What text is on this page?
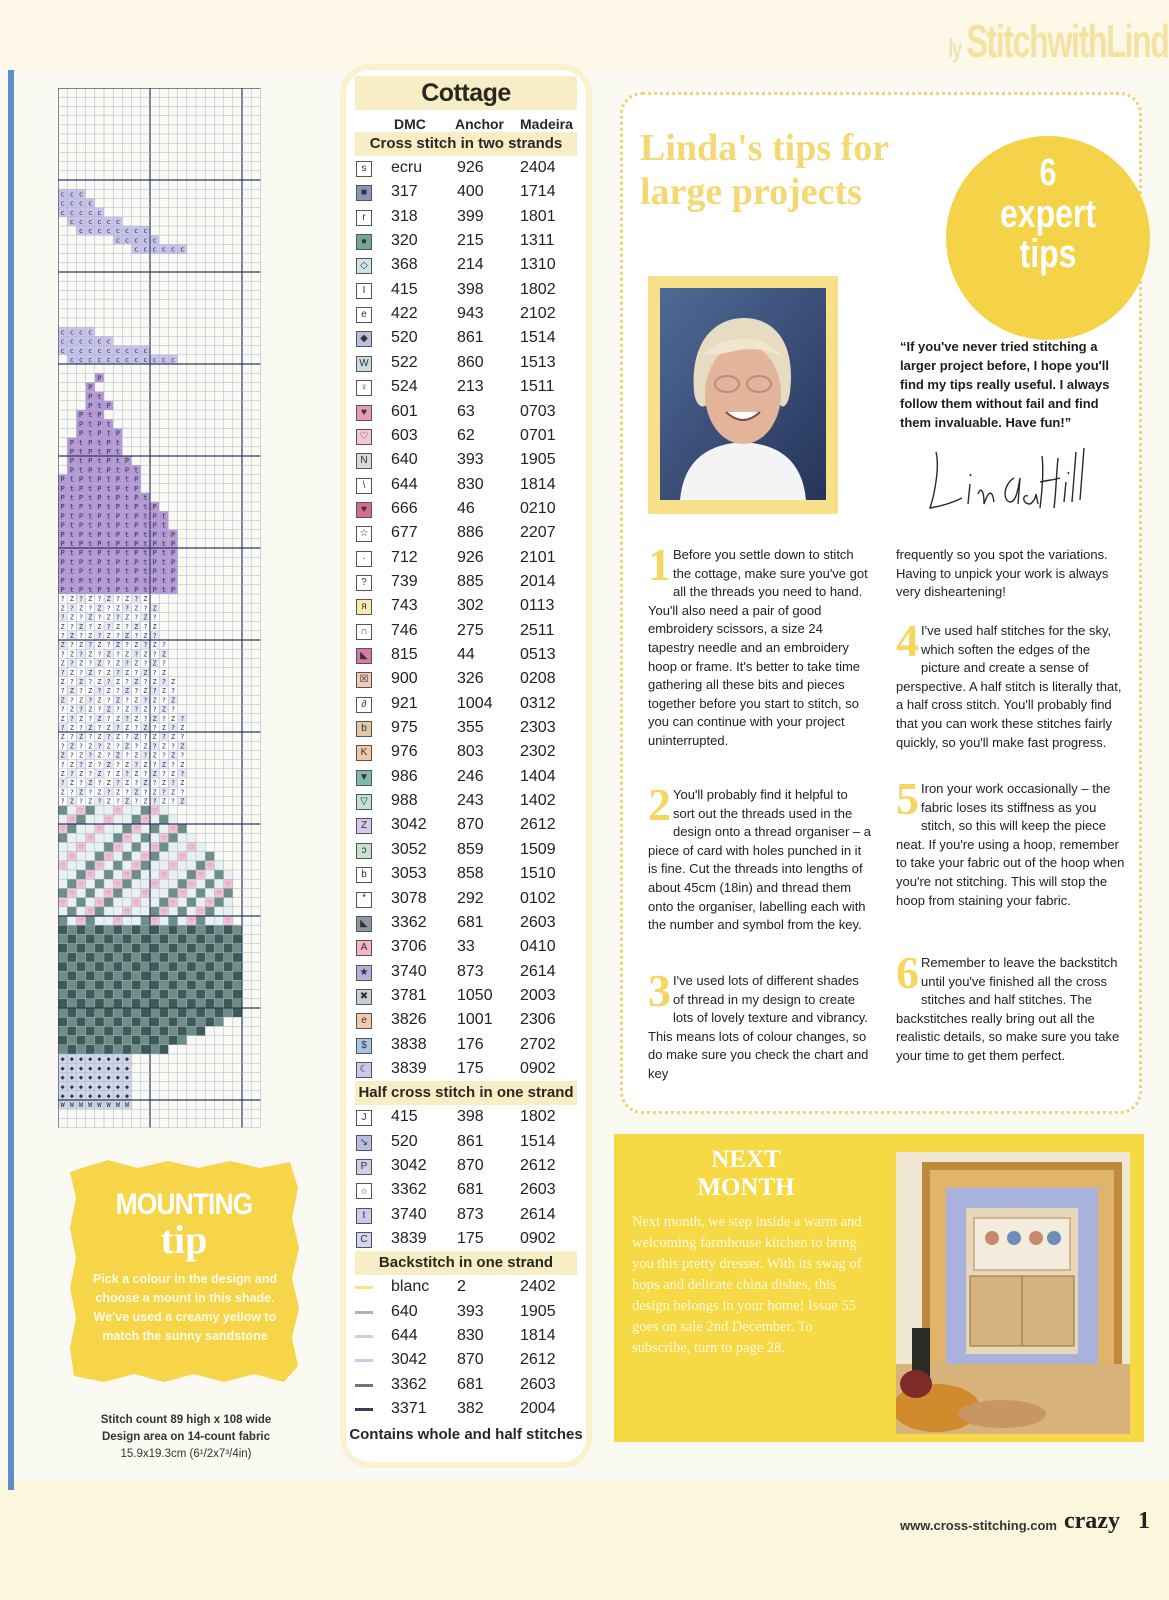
ly StitchwithLind
c c c
c c c c
c c c c c
c c c c c c
c c c c c c c c
c c c c c
c c c c c c
c c c c
c c c c c c
c c c c c c c c c c
c c c c c c c c c c c c
P
P
P t
P t P
P t P
P t P t
P t P t P
P t P t P t
P t P t P t
P t P t P t P
P t P t P t P t
P t P t P t P t P
P t P t P t P t P
P t P t P t P t P t
P t P t P t P t P t P
P t P t P t P t P t P t
P t P t P t P t P t P t
P t P t P t P t P t P t P
P t P t P t P t P t P t P
P t P t P t P t P t P t P
P t P t P t P t P t P t P
P t P t P t P t P t P t P
P t P t P t P t P t P t P
P t P t P t P t P t P t P
? Z ? Z ? Z ? Z ? Z
Z ? Z ? Z ? Z ? Z ? Z
? Z ? Z ? Z ? Z ? Z ?
Z ? Z ? Z ? Z ? Z ? Z
? Z ? Z ? Z ? Z ? Z ?
Z ? Z ? Z ? Z ? Z ? Z ?
? Z ? Z ? Z ? Z ? Z ? Z
Z ? Z ? Z ? Z ? Z ? Z ?
? Z ? Z ? Z ? Z ? Z ? Z
Z ? Z ? Z ? Z ? Z ? Z ? Z
? Z ? Z ? Z ? Z ? Z ? Z ?
Z ? Z ? Z ? Z ? Z ? Z ? Z
? Z ? Z ? Z ? Z ? Z ? Z ?
Z ? Z ? Z ? Z ? Z ? Z ? Z ?
? Z ? Z ? Z ? Z ? Z ? Z ? Z
Z ? Z ? Z ? Z ? Z ? Z ? Z ?
? Z ? Z ? Z ? Z ? Z ? Z ? Z
Z ? Z ? Z ? Z ? Z ? Z ? Z ?
? Z ? Z ? Z ? Z ? Z ? Z ? Z
Z ? Z ? Z ? Z ? Z ? Z ? Z ?
? Z ? Z ? Z ? Z ? Z ? Z ? Z
Z ? Z ? Z ? Z ? Z ? Z ? Z ?
? Z ? Z ? Z ? Z ? Z ? Z ? Z
♡	♡	♡
♡	♡	♡
♡	♡	♡	♡
♡	♡	♡
♡	♡	♡	♡
♡	♡	♡	♡
♡	♡	♡	♡	♡
♡	♡	♡	♡
♡	♡	♡	♡	♡
♡	♡	♡	♡	♡
♡	♡	♡	♡	♡
♡	♡	♡	♡
♡	♡	♡	♡	♡
◆ ◆ ◆ ◆ ◆ ◆ ◆ ◆
◆ ◆ ◆ ◆ ◆ ◆ ◆ ◆
◆ ◆ ◆ ◆ ◆ ◆ ◆ ◆
◆ ◆ ◆ ◆ ◆ ◆ ◆ ◆
◆ ◆ ◆ ◆ ◆ ◆ ◆ ◆
W W W W W W W W
MOUNTING
tip
Pick a colour in the design and choose a mount in this shade. We've used a creamy yellow to match the sunny sandstone
Stitch count 89 high x 108 wide
Design area on 14-count fabric
15.9x19.3cm (6¹/2x7³/4in)
Cottage
DMC Anchor Madeira
Cross stitch in two strands
s	ecru 926 2404
■	317 400 1714
r	318 399 1801
●	320 215 1311
◇ 368 214 1310
I	415 398 1802
e	422 943 2102
◆ 520 861 1514
W 522 860 1513
♀ 524 213 1511
♥	601 63	0703
♡ 603 62	0701
N 640 393 1905
\	644 830 1814
♥	666 46	0210
☆ 677 886 2207
·	712 926 2101
?	739 885 2014
я	743 302 0113
∩ 746 275 2511
◣ 815 44	0513
☒ 900 326 0208
∂	921 1004 0312
b	975 355 2303
K 976 803 2302
▼ 986 246 1404
▽ 988 243 1402
Z	3042 870 2612
ɔ	3052 859 1509
b	3053 858 1510
ꜜ	3078 292 0102
◣ 3362 681 2603
A 3706 33	0410
★ 3740 873 2614
✖ 3781 1050 2003
e	3826 1001 2306
$	3838 176 2702
☾ 3839 175 0902
Half cross stitch in one strand
J	415 398 1802
↘ 520 861 1514
P 3042 870 2612
۞	3362 681 2603
t	3740 873 2614
C 3839 175 0902
Backstitch in one strand
blanc 2	2402
640 393 1905
644 830 1814
3042 870 2612
3362 681 2603
3371 382 2004
Contains whole and half stitches
Linda's tips for
large projects	6
expert
tips
“If you've never tried stitching a larger project before, I hope you'll find my tips really useful. I always follow them without fail and find them invaluable. Have fun!”
1 Before you settle down to stitch the cottage, make sure you've got all the threads you need to hand. You'll also need a pair of good embroidery scissors, a size 24 tapestry needle and an embroidery hoop or frame. It's better to take time gathering all these bits and pieces together before you start to stitch, so you can continue with your project uninterrupted.
2 You'll probably find it helpful to sort out the threads used in the design onto a thread organiser – a piece of card with holes punched in it is fine. Cut the threads into lengths of about 45cm (18in) and thread them onto the organiser, labelling each with the number and symbol from the key.
3 I've used lots of different shades of thread in my design to create lots of lovely texture and vibrancy. This means lots of colour changes, so do make sure you check the chart and key
frequently so you spot the variations. Having to unpick your work is always very disheartening!
4 I've used half stitches for the sky, which soften the edges of the picture and create a sense of perspective. A half stitch is literally that, a half cross stitch. You'll probably find that you can work these stitches fairly quickly, so you'll make fast progress.
5 Iron your work occasionally – the fabric loses its stiffness as you stitch, so this will keep the piece neat. If you're using a hoop, remember to take your fabric out of the hoop when you're not stitching. This will stop the hoop from staining your fabric.
6 Remember to leave the backstitch until you've finished all the cross stitches and half stitches. The backstitches really bring out all the realistic details, so make sure you take your time to get them perfect.
NEXT
MONTH
Next month, we step inside a warm and welcoming farmhouse kitchen to bring you this pretty dresser. With its swag of hops and delicate china dishes, this design belongs in your home! Issue 55 goes on sale 2nd December. To subscribe, turn to page 28.
www.cross-stitching.com crazy 1
